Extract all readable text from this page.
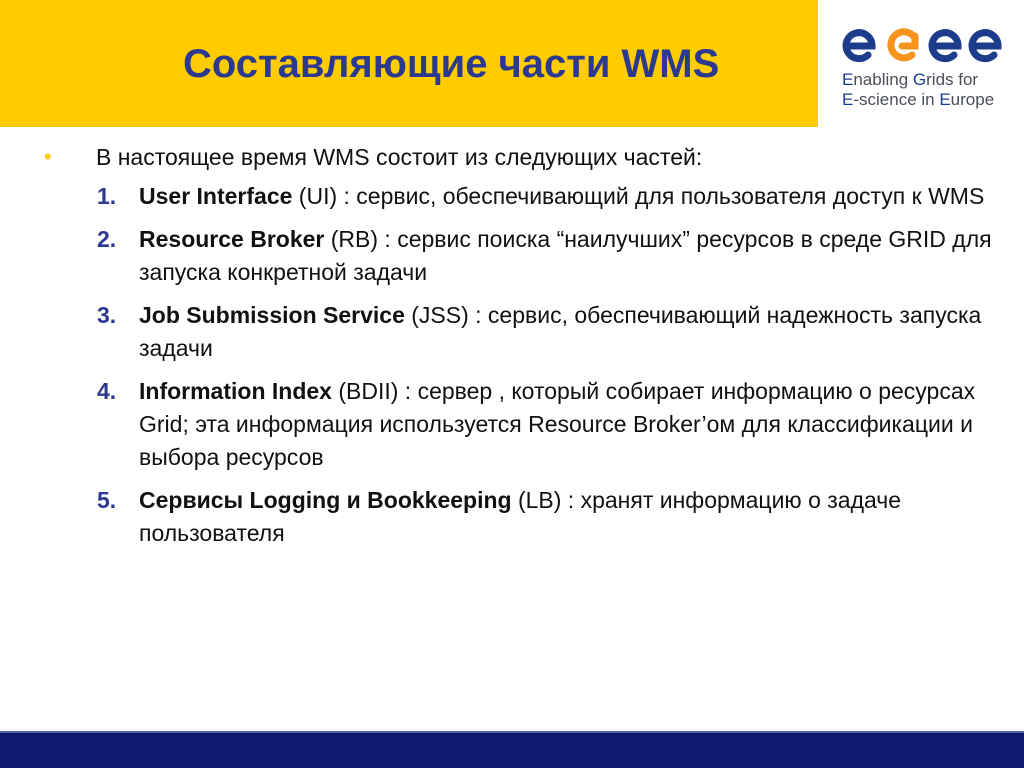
Составляющие части WMS	Enabling Grids for
E-science in Europe
• В настоящее время WMS состоит из следующих частей:
1. User Interface (UI) : сервис, обеспечивающий для пользователя доступ к WMS
2. Resource Broker (RB) : сервис поиска “наилучших” ресурсов в среде GRID для запуска конкретной задачи
3. Job Submission Service (JSS) : сервис, обеспечивающий надежность запуска задачи
4. Information Index (BDII) : сервер , который собирает информацию о ресурсах Grid; эта информация используется Resource Broker’ом для классификации и выбора ресурсов
5. Сервисы Logging и Bookkeeping (LB) : хранят информацию о задаче пользователя
